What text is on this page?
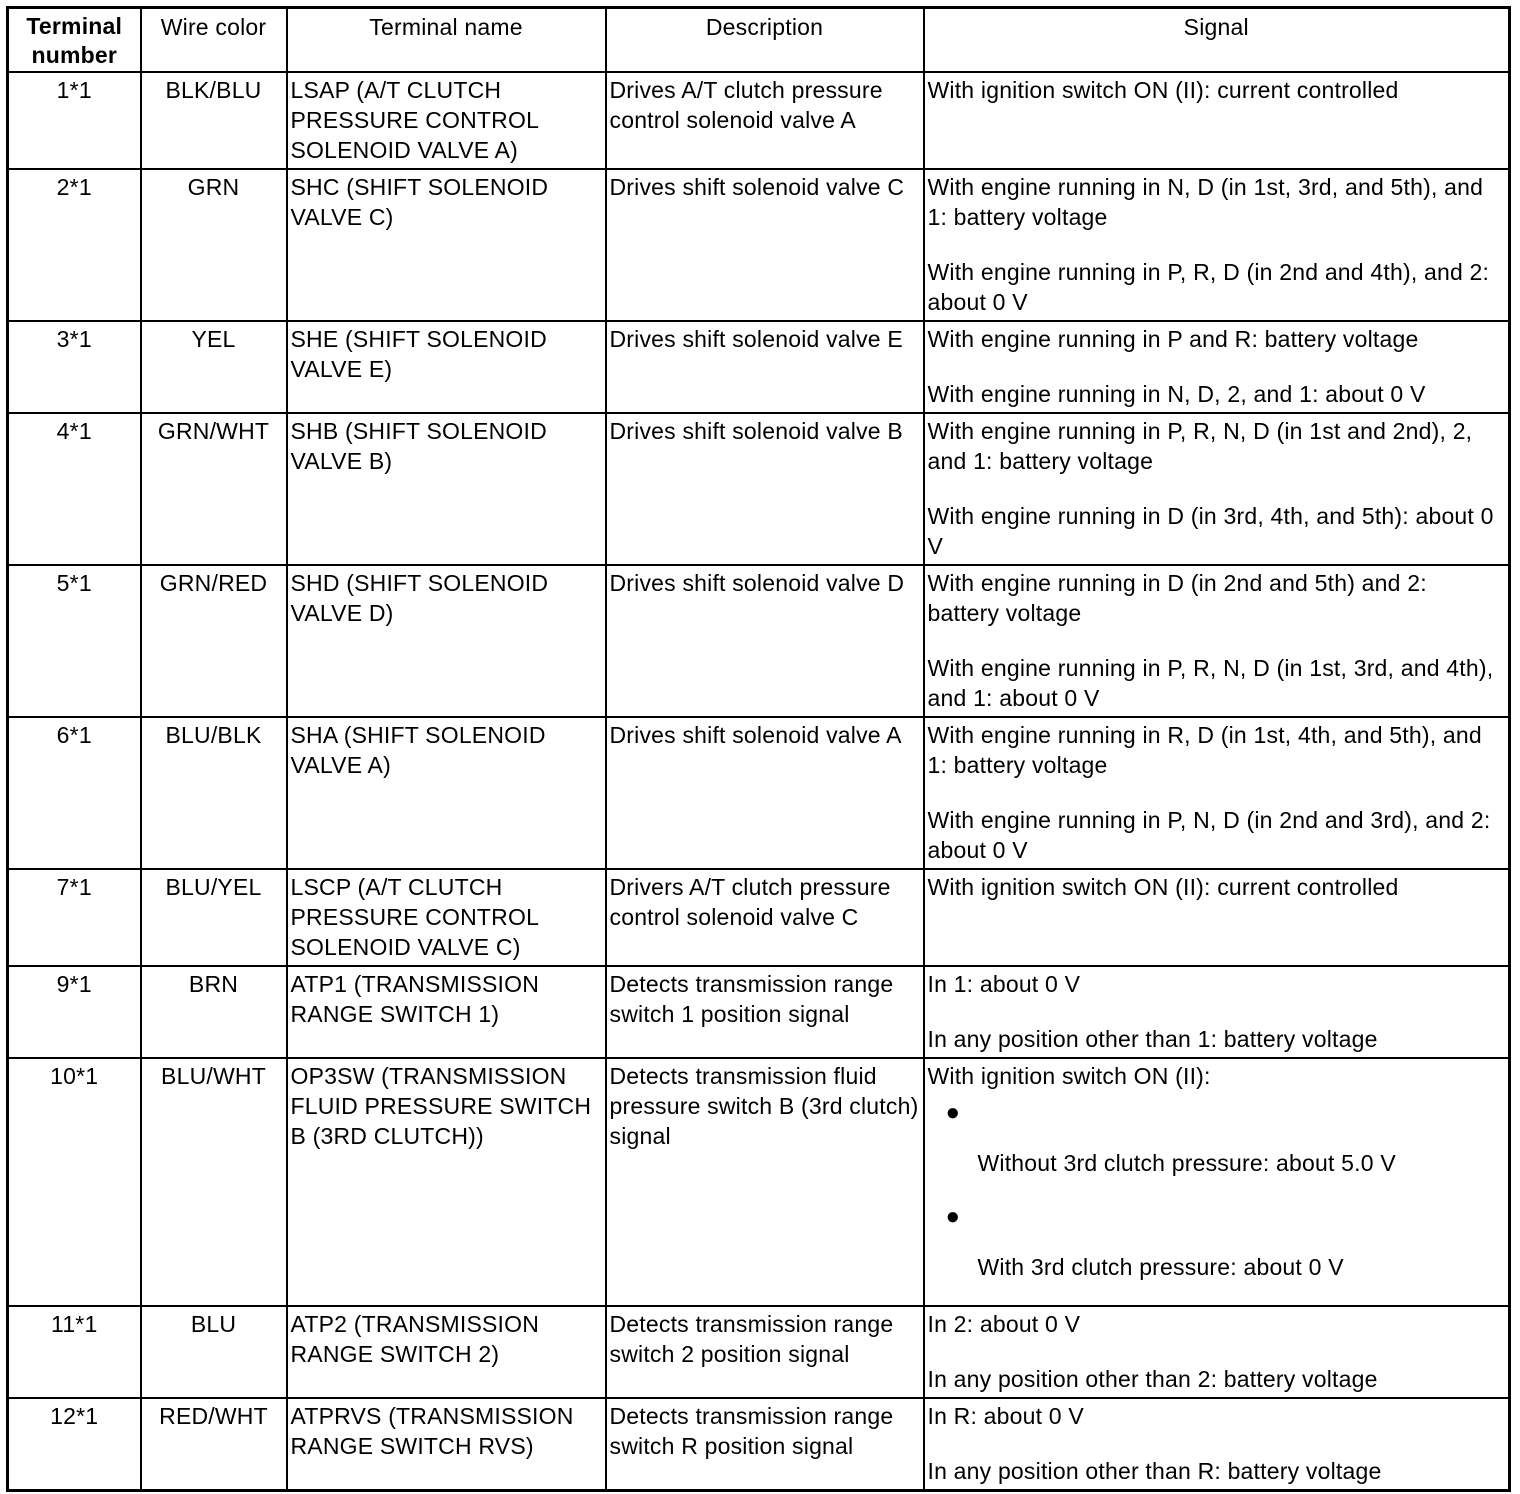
Terminal number	Wire color	Terminal name	Description	Signal
1*1	BLK/BLU	LSAP (A/T CLUTCH PRESSURE CONTROL SOLENOID VALVE A)	Drives A/T clutch pressure control solenoid valve A	With ignition switch ON (II): current controlled

2*1	GRN	SHC (SHIFT SOLENOID VALVE C)	Drives shift solenoid valve C	With engine running in N, D (in 1st, 3rd, and 5th), and 1: battery voltage

With engine running in P, R, D (in 2nd and 4th), and 2: about 0 V

3*1	YEL	SHE (SHIFT SOLENOID VALVE E)	Drives shift solenoid valve E	With engine running in P and R: battery voltage

With engine running in N, D, 2, and 1: about 0 V

4*1	GRN/WHT	SHB (SHIFT SOLENOID VALVE B)	Drives shift solenoid valve B	With engine running in P, R, N, D (in 1st and 2nd), 2, and 1: battery voltage

With engine running in D (in 3rd, 4th, and 5th): about 0 V

5*1	GRN/RED	SHD (SHIFT SOLENOID VALVE D)	Drives shift solenoid valve D	With engine running in D (in 2nd and 5th) and 2: battery voltage

With engine running in P, R, N, D (in 1st, 3rd, and 4th), and 1: about 0 V

6*1	BLU/BLK	SHA (SHIFT SOLENOID VALVE A)	Drives shift solenoid valve A	With engine running in R, D (in 1st, 4th, and 5th), and 1: battery voltage

With engine running in P, N, D (in 2nd and 3rd), and 2: about 0 V

7*1	BLU/YEL	LSCP (A/T CLUTCH PRESSURE CONTROL SOLENOID VALVE C)	Drivers A/T clutch pressure control solenoid valve C	With ignition switch ON (II): current controlled

9*1	BRN	ATP1 (TRANSMISSION RANGE SWITCH 1)	Detects transmission range switch 1 position signal	In 1: about 0 V

In any position other than 1: battery voltage

10*1	BLU/WHT	OP3SW (TRANSMISSION FLUID PRESSURE SWITCH B (3RD CLUTCH))	Detects transmission fluid pressure switch B (3rd clutch) signal	With ignition switch ON (II):

●
Without 3rd clutch pressure: about 5.0 V
●
With 3rd clutch pressure: about 0 V

11*1	BLU	ATP2 (TRANSMISSION RANGE SWITCH 2)	Detects transmission range switch 2 position signal	In 2: about 0 V

In any position other than 2: battery voltage

12*1	RED/WHT	ATPRVS (TRANSMISSION RANGE SWITCH RVS)	Detects transmission range switch R position signal	In R: about 0 V

In any position other than R: battery voltage
